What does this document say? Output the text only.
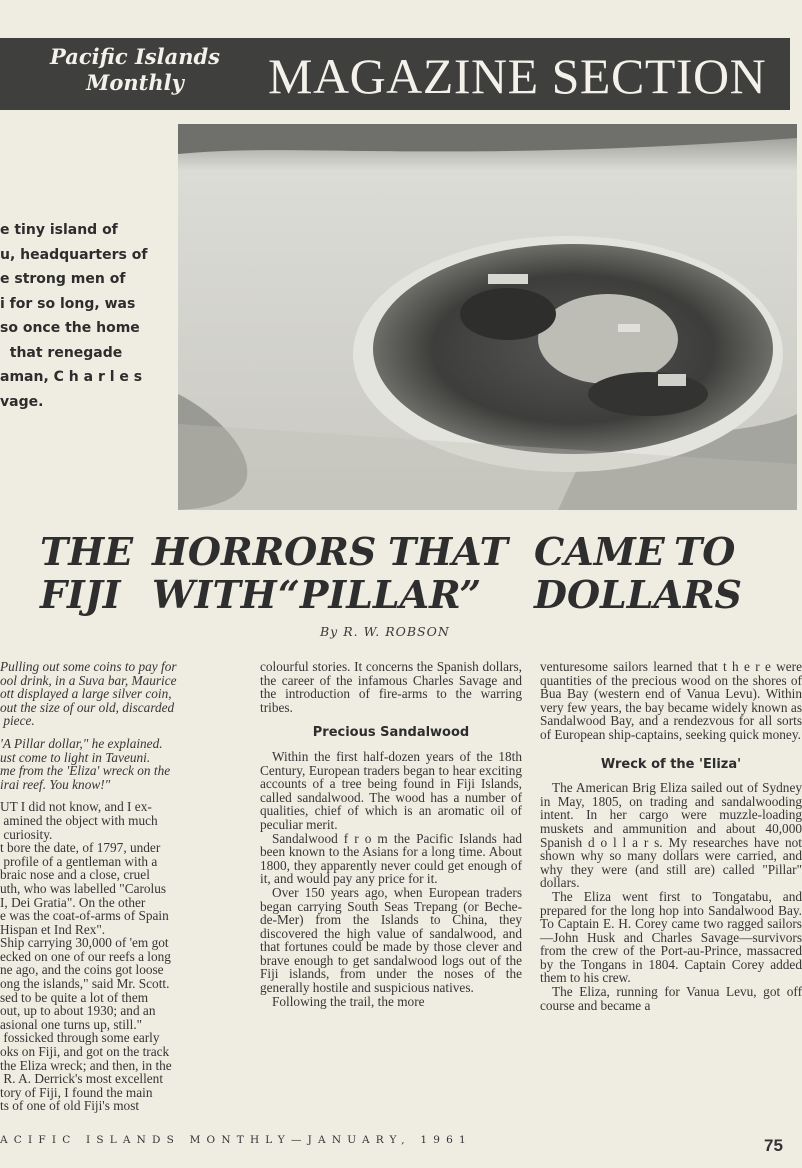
Pacific Islands
Monthly	MAGAZINE SECTION
e tiny island of
u, headquarters of
e strong men of
i for so long, was
so once the home
that renegade
aman, C h a r l e s
vage.
THE HORRORS THAT CAME TO
FIJI WITH“PILLAR” DOLLARS
By R. W. ROBSON
Pulling out some coins to pay for
ool drink, in a Suva bar, Maurice
ott displayed a large silver coin,
out the size of our old, discarded
piece.
'A Pillar dollar," he explained.
ust come to light in Taveuni.
me from the 'Eliza' wreck on the
irai reef. You know!"
UT I did not know, and I ex-
amined the object with much
curiosity.
t bore the date, of 1797, under
profile of a gentleman with a
braic nose and a close, cruel
uth, who was labelled "Carolus
I, Dei Gratia". On the other
e was the coat-of-arms of Spain
Hispan et Ind Rex".
Ship carrying 30,000 of 'em got
ecked on one of our reefs a long
ne ago, and the coins got loose
ong the islands," said Mr. Scott.
sed to be quite a lot of them
out, up to about 1930; and an
asional one turns up, still."
fossicked through some early
oks on Fiji, and got on the track
the Eliza wreck; and then, in the
R. A. Derrick's most excellent
tory of Fiji, I found the main
ts of one of old Fiji's most

colourful stories. It concerns the Spanish dollars, the career of the infamous Charles Savage and the introduction of fire-arms to the warring tribes.

Precious Sandalwood

Within the first half-dozen years of the 18th Century, European traders began to hear exciting accounts of a tree being found in Fiji Islands, called sandalwood. The wood has a number of qualities, chief of which is an aromatic oil of peculiar merit.

Sandalwood f r o m the Pacific Islands had been known to the Asians for a long time. About 1800, they apparently never could get enough of it, and would pay any price for it.

Over 150 years ago, when European traders began carrying South Seas Trepang (or Beche-de-Mer) from the Islands to China, they discovered the high value of sandalwood, and that fortunes could be made by those clever and brave enough to get sandalwood logs out of the Fiji islands, from under the noses of the generally hostile and suspicious natives.

Following the trail, the more

venturesome sailors learned that t h e r e were quantities of the precious wood on the shores of Bua Bay (western end of Vanua Levu). Within very few years, the bay became widely known as Sandalwood Bay, and a rendezvous for all sorts of European ship-captains, seeking quick money.

Wreck of the 'Eliza'

The American Brig Eliza sailed out of Sydney in May, 1805, on trading and sandalwooding intent. In her cargo were muzzle-loading muskets and ammunition and about 40,000 Spanish d o l l a r s. My researches have not shown why so many dollars were carried, and why they were (and still are) called "Pillar" dollars.

The Eliza went first to Tongatabu, and prepared for the long hop into Sandalwood Bay. To Captain E. H. Corey came two ragged sailors—John Husk and Charles Savage—survivors from the crew of the Port-au-Prince, massacred by the Tongans in 1804. Captain Corey added them to his crew.

The Eliza, running for Vanua Levu, got off course and became a

ACIFIC ISLANDS MONTHLY—JANUARY, 1961	75
